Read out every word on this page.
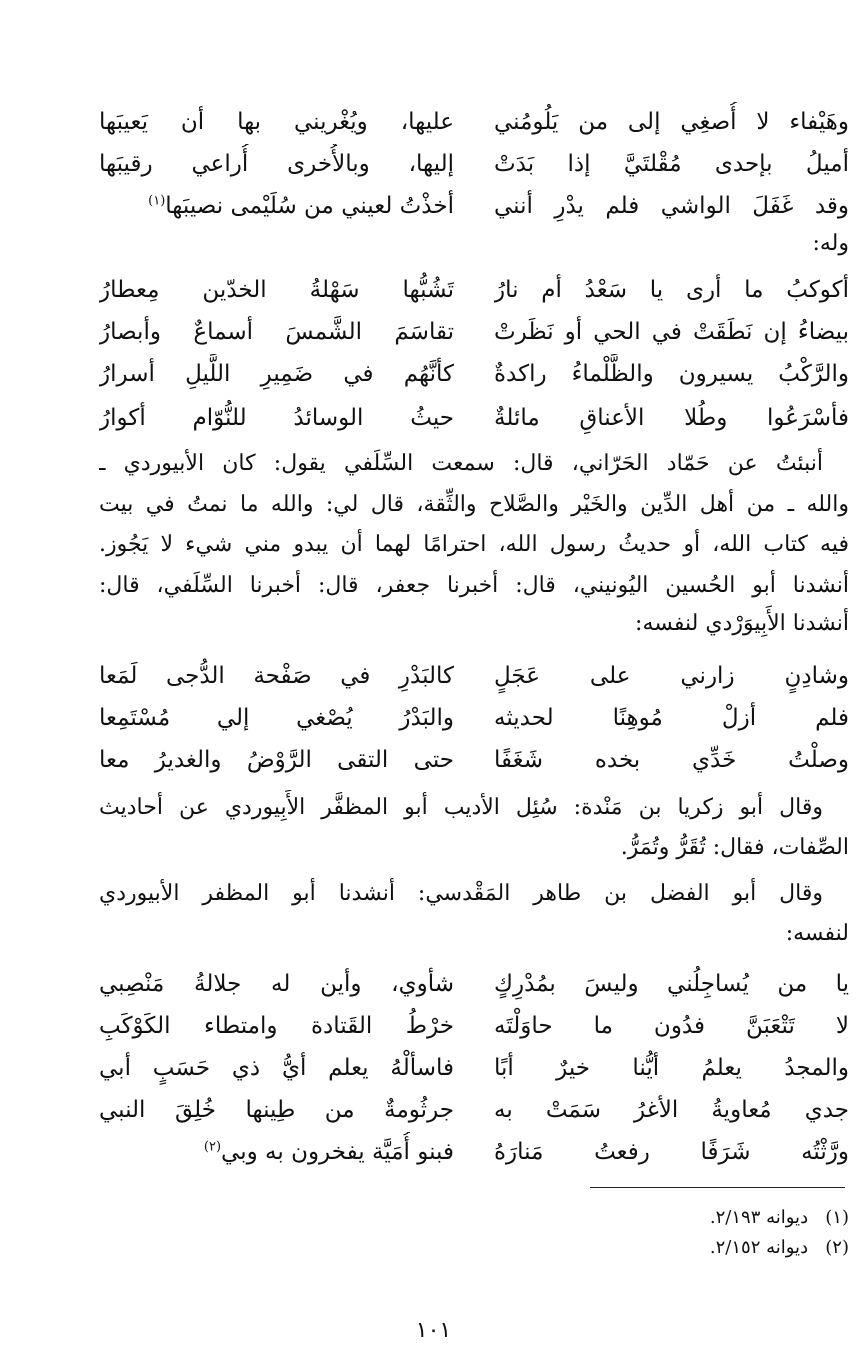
وهَيْفاء لا أُصغِي إلى من يَلُومُني
عليها، ويُغْريني بها أن يَعيبَها
أميلُ بإحدى مُقْلتَيَّ إذا بَدَتْ
إليها، وبالأُخرى أُراعي رقيبَها
وقد غَفَلَ الواشي فلم يدْرِ أنني
أخذْتُ لعيني من سُلَيْمى نصيبَها$^{(١)}$
وله:
أكوكبُ ما أرى يا سَعْدُ أم نارُ
تَشُبُّها سَهْلةُ الخدّين مِعطارُ
بيضاءُ إن نَطَقَتْ في الحي أو نَظَرتْ
تقاسَمَ الشَّمسَ أسماعٌ وأبصارُ
والرَّكْبُ يسيرون والظَّلْماءُ راكدةٌ
كأنَّهُم في ضَمِيرِ اللَّيلِ أسرارُ
فأسْرَعُوا وطُلا الأعناقِ مائلةٌ
حيثُ الوسائدُ للنُّوّام أكوارُ
أنبئتُ عن حَمّاد الحَرّاني، قال: سمعت السِّلَفي يقول: كان الأبيوردي ـ
والله ـ من أهل الدِّين والخَيْر والصَّلاح والثِّقة، قال لي: والله ما نمتُ في بيت
فيه كتاب الله، أو حديثُ رسول الله، احترامًا لهما أن يبدو مني شيء لا يَجُوز.
أنشدنا أبو الحُسين اليُونيني، قال: أخبرنا جعفر، قال: أخبرنا السِّلَفي، قال:
أنشدنا الأَبِيوَرْدي لنفسه:
وشادِنٍ زارني على عَجَلٍ
كالبَدْرِ في صَفْحة الدُّجى لَمَعا
فلم أزلْ مُوهِنًا لحديثه
والبَدْرُ يُصْغي إلي مُسْتَمِعا
وصلْتُ خَدِّي بخده شَغَفًا
حتى التقى الرَّوْضُ والغديرُ معا
وقال أبو زكريا بن مَنْدة: سُئِل الأديب أبو المظفَّر الأَبِيوردي عن أحاديث
الصِّفات، فقال: تُقَرُّ وتُمَرُّ.
وقال أبو الفضل بن طاهر المَقْدسي: أنشدنا أبو المظفر الأبيوردي
لنفسه:
يا من يُساجِلُني وليسَ بمُدْرِكٍ
شأوي، وأين له جلالةُ مَنْصِبي
لا تَتْعَبَنَّ فدُون ما حاوَلْتَه
خرْطُ القَتادة وامتطاء الكَوْكَبِ
والمجدُ يعلمُ أيُّنا خيرٌ أبًا
فاسألْهُ يعلم أيُّ ذي حَسَبٍ أبي
جدي مُعاويةُ الأغرُ سَمَتْ به
جرثُومةٌ من طِينها خُلِقَ النبي
ورَّثْتُه شَرَفًا رفعتُ مَنارَهُ
فبنو أُمَيَّة يفخرون به وبي$^{(٢)}$
(١)   ديوانه ٢/١٩٣.
(٢)   ديوانه ٢/١٥٢.
١٠١
